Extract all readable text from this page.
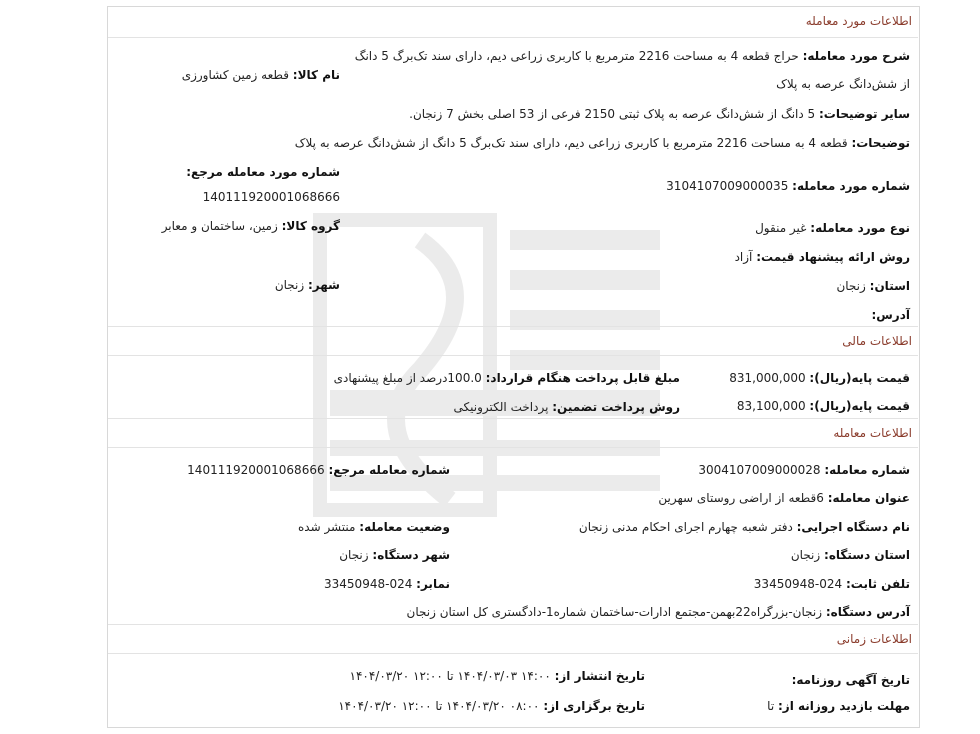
اطلاعات مورد معامله
شرح مورد معامله: حراج قطعه 4 به مساحت 2216 مترمربع با کاربری زراعی دیم، دارای سند تک‌برگ 5 دانگ
از شش‌دانگ عرصه به پلاک
نام کالا: قطعه زمین کشاورزی
سایر توضیحات: 5 دانگ از شش‌دانگ عرصه به پلاک ثبتی 2150 فرعی از 53 اصلی بخش 7 زنجان.
توضیحات: قطعه 4 به مساحت 2216 مترمربع با کاربری زراعی دیم، دارای سند تک‌برگ 5 دانگ از شش‌دانگ عرصه به پلاک
شماره مورد معامله مرجع:
140111920001068666
شماره مورد معامله: 3104107009000035
نوع مورد معامله: غیر منقول
گروه کالا: زمین، ساختمان و معابر
روش ارائه پیشنهاد قیمت: آزاد
استان: زنجان
شهر: زنجان
آدرس:
اطلاعات مالی
قیمت پایه(ریال): 831,000,000
مبلغ قابل پرداخت هنگام قرارداد: 100.0درصد از مبلغ پیشنهادی
قیمت پایه(ریال): 83,100,000
روش پرداخت تضمین: پرداخت الکترونیکی
اطلاعات معامله
شماره معامله: 3004107009000028
شماره معامله مرجع: 140111920001068666
عنوان معامله: 6قطعه از اراضی روستای سهرین
نام دستگاه اجرایی: دفتر شعبه چهارم اجرای احکام مدنی زنجان
وضعیت معامله: منتشر شده
استان دستگاه: زنجان
شهر دستگاه: زنجان
تلفن ثابت: 024-33450948
نمابر: 024-33450948
آدرس دستگاه: زنجان-بزرگراه22بهمن-مجتمع ادارات-ساختمان شماره1-دادگستری کل استان زنجان
اطلاعات زمانی
تاریخ آگهی روزنامه:
تاریخ انتشار از: ۱۴:۰۰ ۱۴۰۴/۰۳/۰۳ تا ۱۲:۰۰ ۱۴۰۴/۰۳/۲۰
مهلت بازدید روزانه از: تا
تاریخ برگزاری از: ۰۸:۰۰ ۱۴۰۴/۰۳/۲۰ تا ۱۲:۰۰ ۱۴۰۴/۰۳/۲۰
